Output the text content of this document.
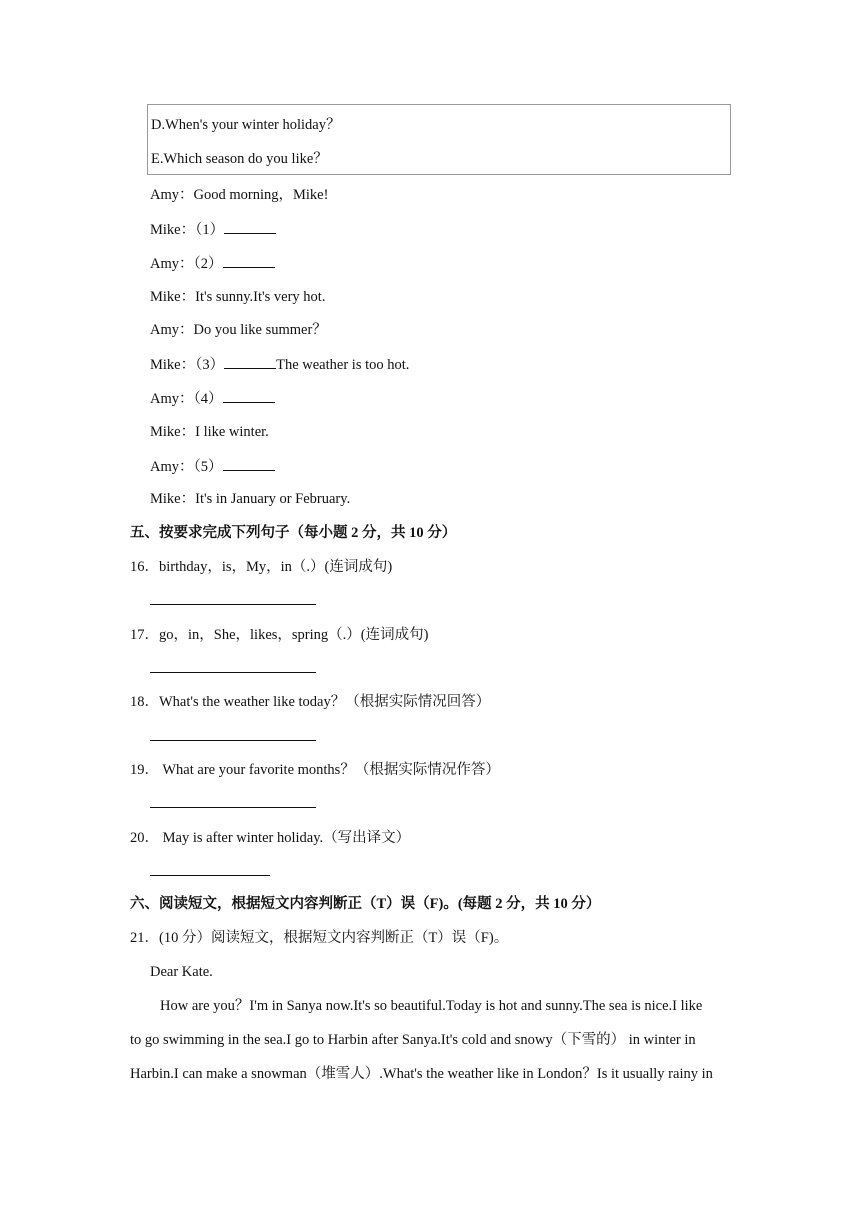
D.When's your winter holiday？
E.Which season do you like？
Amy：Good morning，Mike!
Mike：（1）
Amy：（2）
Mike：It's sunny.It's very hot.
Amy：Do you like summer？
Mike：（3）	The weather is too hot.
Amy：（4）
Mike：I like winter.
Amy：（5）
Mike：It's in January or February.
五、按要求完成下列句子（每小题 2 分，共 10 分）
16．birthday，is，My，in（.）(连词成句)
17．go，in，She，likes，spring（.）(连词成句)
18．What's the weather like today？（根据实际情况回答）
19． What are your favorite months？（根据实际情况作答）
20． May is after winter holiday.（写出译文）
六、阅读短文，根据短文内容判断正（T）误（F)。(每题 2 分，共 10 分）
21．(10 分）阅读短文，根据短文内容判断正（T）误（F)。
Dear Kate.
How are you？I'm in Sanya now.It's so beautiful.Today is hot and sunny.The sea is nice.I like
to go swimming in the sea.I go to Harbin after Sanya.It's cold and snowy（下雪的） in winter in
Harbin.I can make a snowman（堆雪人）.What's the weather like in London？Is it usually rainy in
